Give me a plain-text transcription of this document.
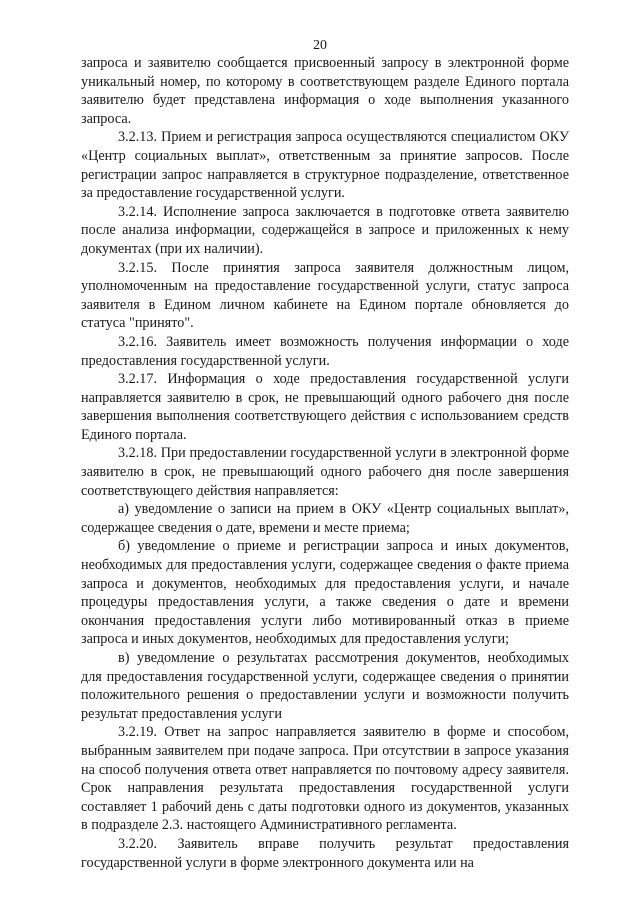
20

запроса и заявителю сообщается присвоенный запросу в электронной форме уникальный номер, по которому в соответствующем разделе Единого портала заявителю будет представлена информация о ходе выполнения указанного запроса.

3.2.13. Прием и регистрация запроса осуществляются специалистом ОКУ «Центр социальных выплат», ответственным за принятие запросов. После регистрации запрос направляется в структурное подразделение, ответственное за предоставление государственной услуги.

3.2.14. Исполнение запроса заключается в подготовке ответа заявителю после анализа информации, содержащейся в запросе и приложенных к нему документах (при их наличии).

3.2.15. После принятия запроса заявителя должностным лицом, уполномоченным на предоставление государственной услуги, статус запроса заявителя в Едином личном кабинете на Едином портале обновляется до статуса "принято".

3.2.16. Заявитель имеет возможность получения информации о ходе предоставления государственной услуги.

3.2.17. Информация о ходе предоставления государственной услуги направляется заявителю в срок, не превышающий одного рабочего дня после завершения выполнения соответствующего действия с использованием средств Единого портала.

3.2.18. При предоставлении государственной услуги в электронной форме заявителю в срок, не превышающий одного рабочего дня после завершения соответствующего действия направляется:

а) уведомление о записи на прием в ОКУ «Центр социальных выплат», содержащее сведения о дате, времени и месте приема;

б) уведомление о приеме и регистрации запроса и иных документов, необходимых для предоставления услуги, содержащее сведения о факте приема запроса и документов, необходимых для предоставления услуги, и начале процедуры предоставления услуги, а также сведения о дате и времени окончания предоставления услуги либо мотивированный отказ в приеме запроса и иных документов, необходимых для предоставления услуги;

в) уведомление о результатах рассмотрения документов, необходимых для предоставления государственной услуги, содержащее сведения о принятии положительного решения о предоставлении услуги и возможности получить результат предоставления услуги

3.2.19. Ответ на запрос направляется заявителю в форме и способом, выбранным заявителем при подаче запроса. При отсутствии в запросе указания на способ получения ответа ответ направляется по почтовому адресу заявителя. Срок направления результата предоставления государственной услуги составляет 1 рабочий день с даты подготовки одного из документов, указанных в подразделе 2.3. настоящего Административного регламента.

3.2.20. Заявитель вправе получить результат предоставления государственной услуги в форме электронного документа или на
